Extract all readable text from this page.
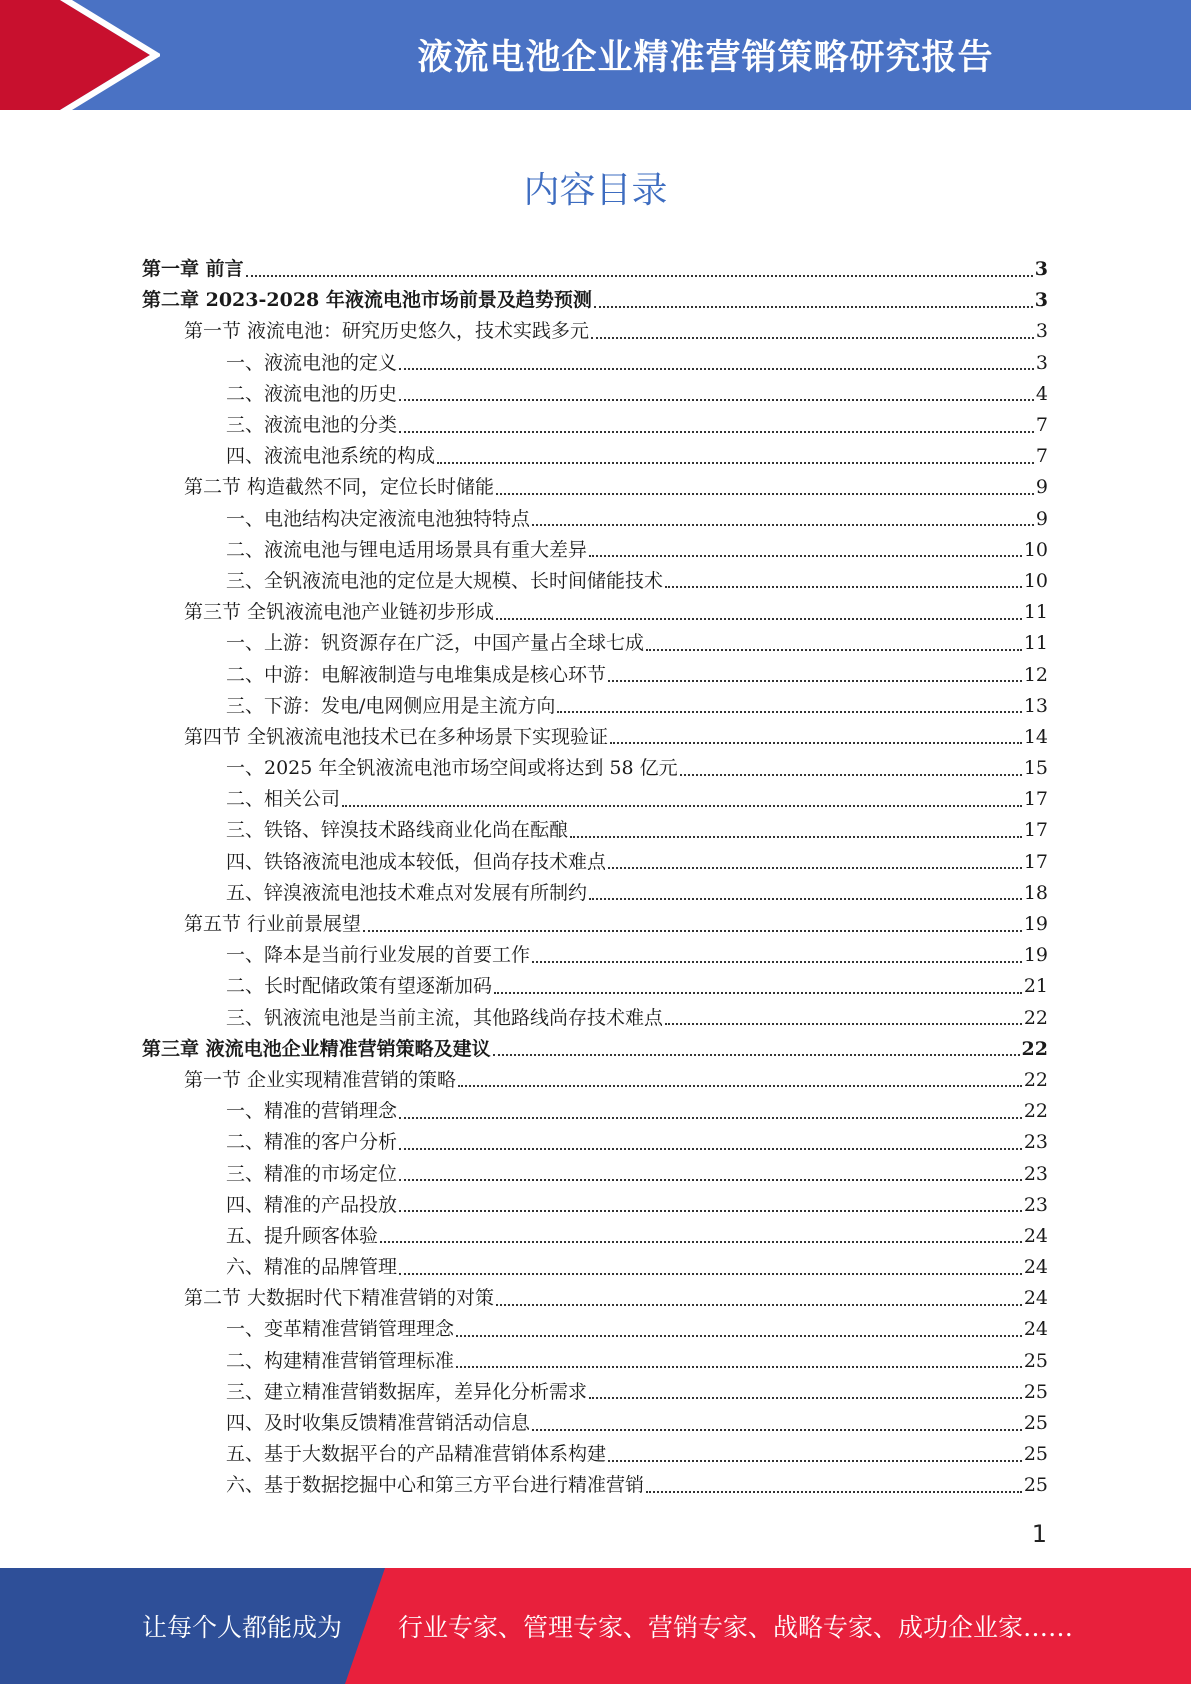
液流电池企业精准营销策略研究报告
内容目录
第一章 前言	3
第二章 2023-2028 年液流电池市场前景及趋势预测	3
第一节 液流电池：研究历史悠久，技术实践多元	3
一、液流电池的定义	3
二、液流电池的历史	4
三、液流电池的分类	7
四、液流电池系统的构成	7
第二节 构造截然不同，定位长时储能	9
一、电池结构决定液流电池独特特点	9
二、液流电池与锂电适用场景具有重大差异	10
三、全钒液流电池的定位是大规模、长时间储能技术	10
第三节 全钒液流电池产业链初步形成	11
一、上游：钒资源存在广泛，中国产量占全球七成	11
二、中游：电解液制造与电堆集成是核心环节	12
三、下游：发电/电网侧应用是主流方向	13
第四节 全钒液流电池技术已在多种场景下实现验证	14
一、2025 年全钒液流电池市场空间或将达到 58 亿元	15
二、相关公司	17
三、铁铬、锌溴技术路线商业化尚在酝酿	17
四、铁铬液流电池成本较低，但尚存技术难点	17
五、锌溴液流电池技术难点对发展有所制约	18
第五节 行业前景展望	19
一、降本是当前行业发展的首要工作	19
二、长时配储政策有望逐渐加码	21
三、钒液流电池是当前主流，其他路线尚存技术难点	22
第三章 液流电池企业精准营销策略及建议	22
第一节 企业实现精准营销的策略	22
一、精准的营销理念	22
二、精准的客户分析	23
三、精准的市场定位	23
四、精准的产品投放	23
五、提升顾客体验	24
六、精准的品牌管理	24
第二节 大数据时代下精准营销的对策	24
一、变革精准营销管理理念	24
二、构建精准营销管理标准	25
三、建立精准营销数据库，差异化分析需求	25
四、及时收集反馈精准营销活动信息	25
五、基于大数据平台的产品精准营销体系构建	25
六、基于数据挖掘中心和第三方平台进行精准营销	25
1
让每个人都能成为 行业专家、管理专家、营销专家、战略专家、成功企业家……
